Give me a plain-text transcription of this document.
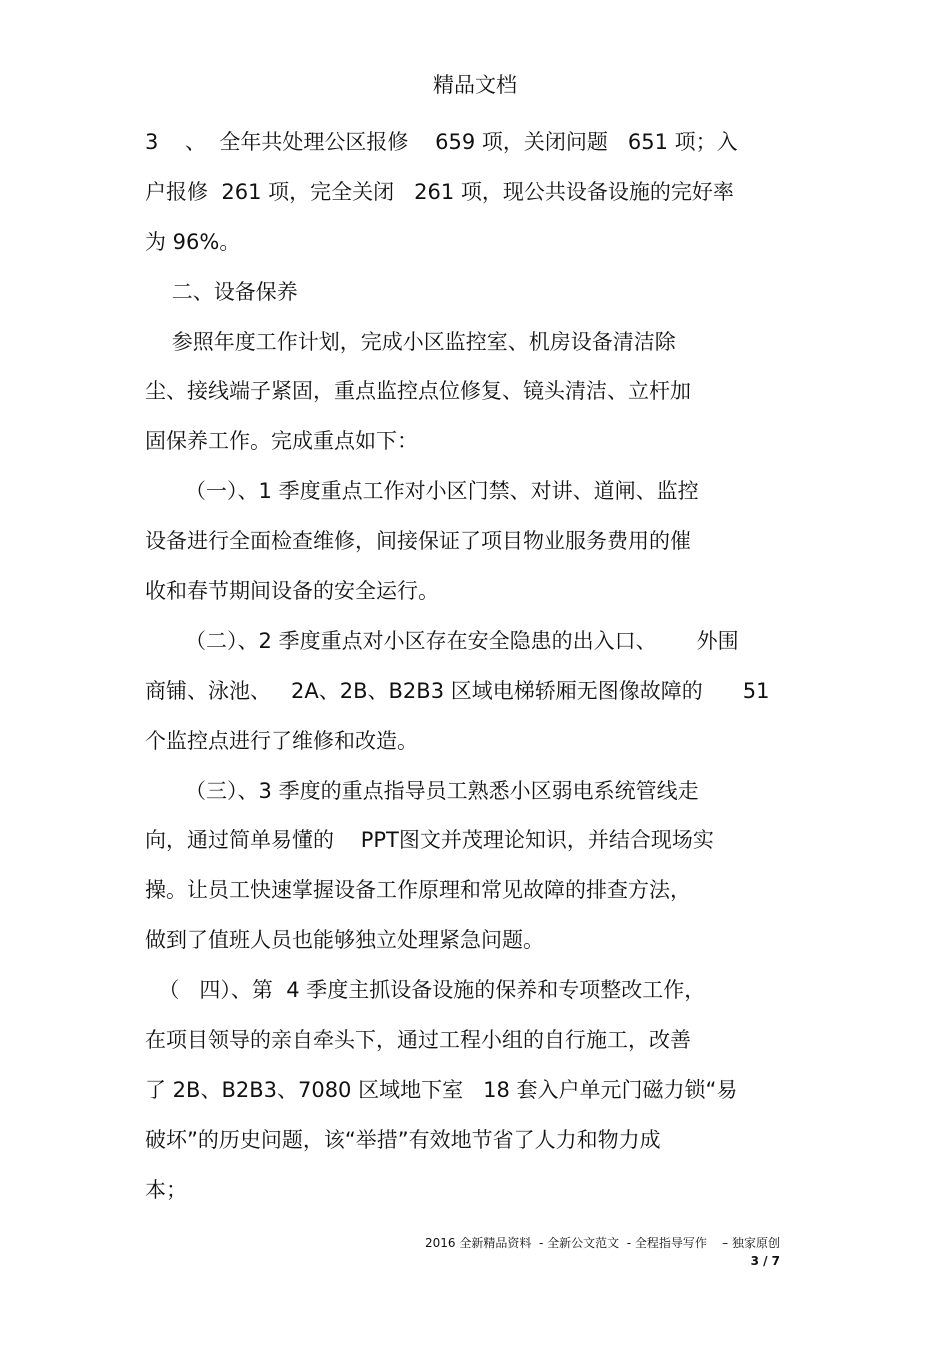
精品文档
3    、  全年共处理公区报修    659 项，关闭问题   651 项；入
户报修  261 项，完全关闭   261 项，现公共设备设施的完好率
为 96%。
二、设备保养
参照年度工作计划，完成小区监控室、机房设备清洁除
尘、接线端子紧固，重点监控点位修复、镜头清洁、立杆加
固保养工作。完成重点如下：
（一）、1 季度重点工作对小区门禁、对讲、道闸、监控
设备进行全面检查维修，间接保证了项目物业服务费用的催
收和春节期间设备的安全运行。
（二）、2 季度重点对小区存在安全隐患的出入口、      外围
商铺、泳池、   2A、2B、B2B3 区域电梯轿厢无图像故障的      51
个监控点进行了维修和改造。
（三）、3 季度的重点指导员工熟悉小区弱电系统管线走
向，通过简单易懂的    PPT图文并茂理论知识，并结合现场实
操。让员工快速掌握设备工作原理和常见故障的排查方法，
做到了值班人员也能够独立处理紧急问题。
（   四）、第  4 季度主抓设备设施的保养和专项整改工作，
在项目领导的亲自牵头下，通过工程小组的自行施工，改善
了 2B、B2B3、7080 区域地下室   18 套入户单元门磁力锁“易
破坏”的历史问题，该“举措”有效地节省了人力和物力成
本；
2016 全新精品资料  - 全新公文范文  - 全程指导写作    – 独家原创
3 / 7
